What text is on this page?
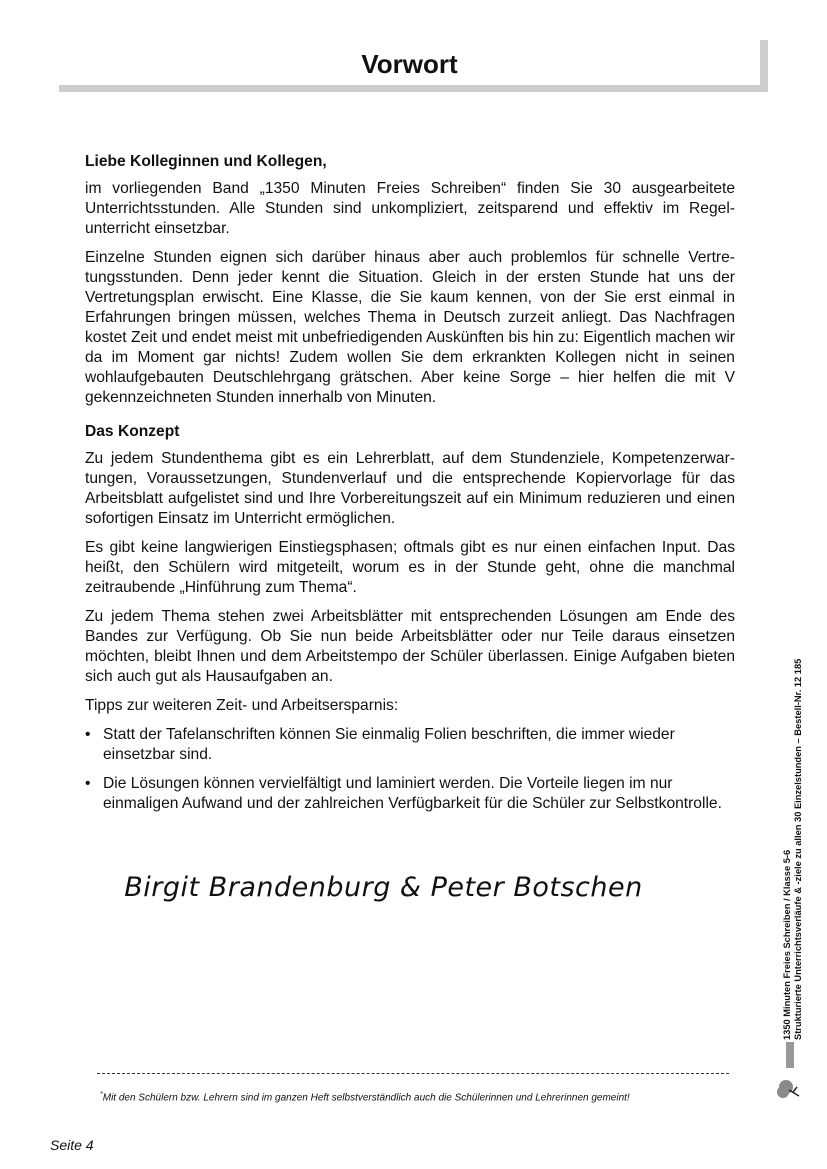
Vorwort

Liebe Kolleginnen und Kollegen,

im vorliegenden Band „1350 Minuten Freies Schreiben“ finden Sie 30 ausgearbeitete Unterrichtsstunden. Alle Stunden sind unkompliziert, zeitsparend und effektiv im Regelunterricht einsetzbar.

Einzelne Stunden eignen sich darüber hinaus aber auch problemlos für schnelle Vertretungsstunden. Denn jeder kennt die Situation. Gleich in der ersten Stunde hat uns der Vertretungsplan erwischt. Eine Klasse, die Sie kaum kennen, von der Sie erst einmal in Erfahrungen bringen müssen, welches Thema in Deutsch zurzeit anliegt. Das Nachfragen kostet Zeit und endet meist mit unbefriedigenden Auskünften bis hin zu: Eigentlich machen wir da im Moment gar nichts! Zudem wollen Sie dem erkrankten Kollegen nicht in seinen wohlaufgebauten Deutschlehrgang grätschen. Aber keine Sorge – hier helfen die mit V gekennzeichneten Stunden innerhalb von Minuten.

Das Konzept

Zu jedem Stundenthema gibt es ein Lehrerblatt, auf dem Stundenziele, Kompetenzerwartungen, Voraussetzungen, Stundenverlauf und die entsprechende Kopiervorlage für das Arbeitsblatt aufgelistet sind und Ihre Vorbereitungszeit auf ein Minimum reduzieren und einen sofortigen Einsatz im Unterricht ermöglichen.

Es gibt keine langwierigen Einstiegsphasen; oftmals gibt es nur einen einfachen Input. Das heißt, den Schülern wird mitgeteilt, worum es in der Stunde geht, ohne die manchmal zeitraubende „Hinführung zum Thema“.

Zu jedem Thema stehen zwei Arbeitsblätter mit entsprechenden Lösungen am Ende des Bandes zur Verfügung. Ob Sie nun beide Arbeitsblätter oder nur Teile daraus einsetzen möchten, bleibt Ihnen und dem Arbeitstempo der Schüler überlassen. Einige Aufgaben bieten sich auch gut als Hausaufgaben an.

Tipps zur weiteren Zeit- und Arbeitsersparnis:

• Statt der Tafelanschriften können Sie einmalig Folien beschriften, die immer wieder einsetzbar sind.
• Die Lösungen können vervielfältigt und laminiert werden. Die Vorteile liegen im nur einmaligen Aufwand und der zahlreichen Verfügbarkeit für die Schüler zur Selbstkontrolle.
Birgit Brandenburg & Peter Botschen
*Mit den Schülern bzw. Lehrern sind im ganzen Heft selbstverständlich auch die Schülerinnen und Lehrerinnen gemeint!
Seite 4
1350 Minuten Freies Schreiben / Klasse 5-6 Strukturierte Unterrichtsverläufe & -ziele zu allen 30 Einzelstunden – Bestell-Nr. 12 185
